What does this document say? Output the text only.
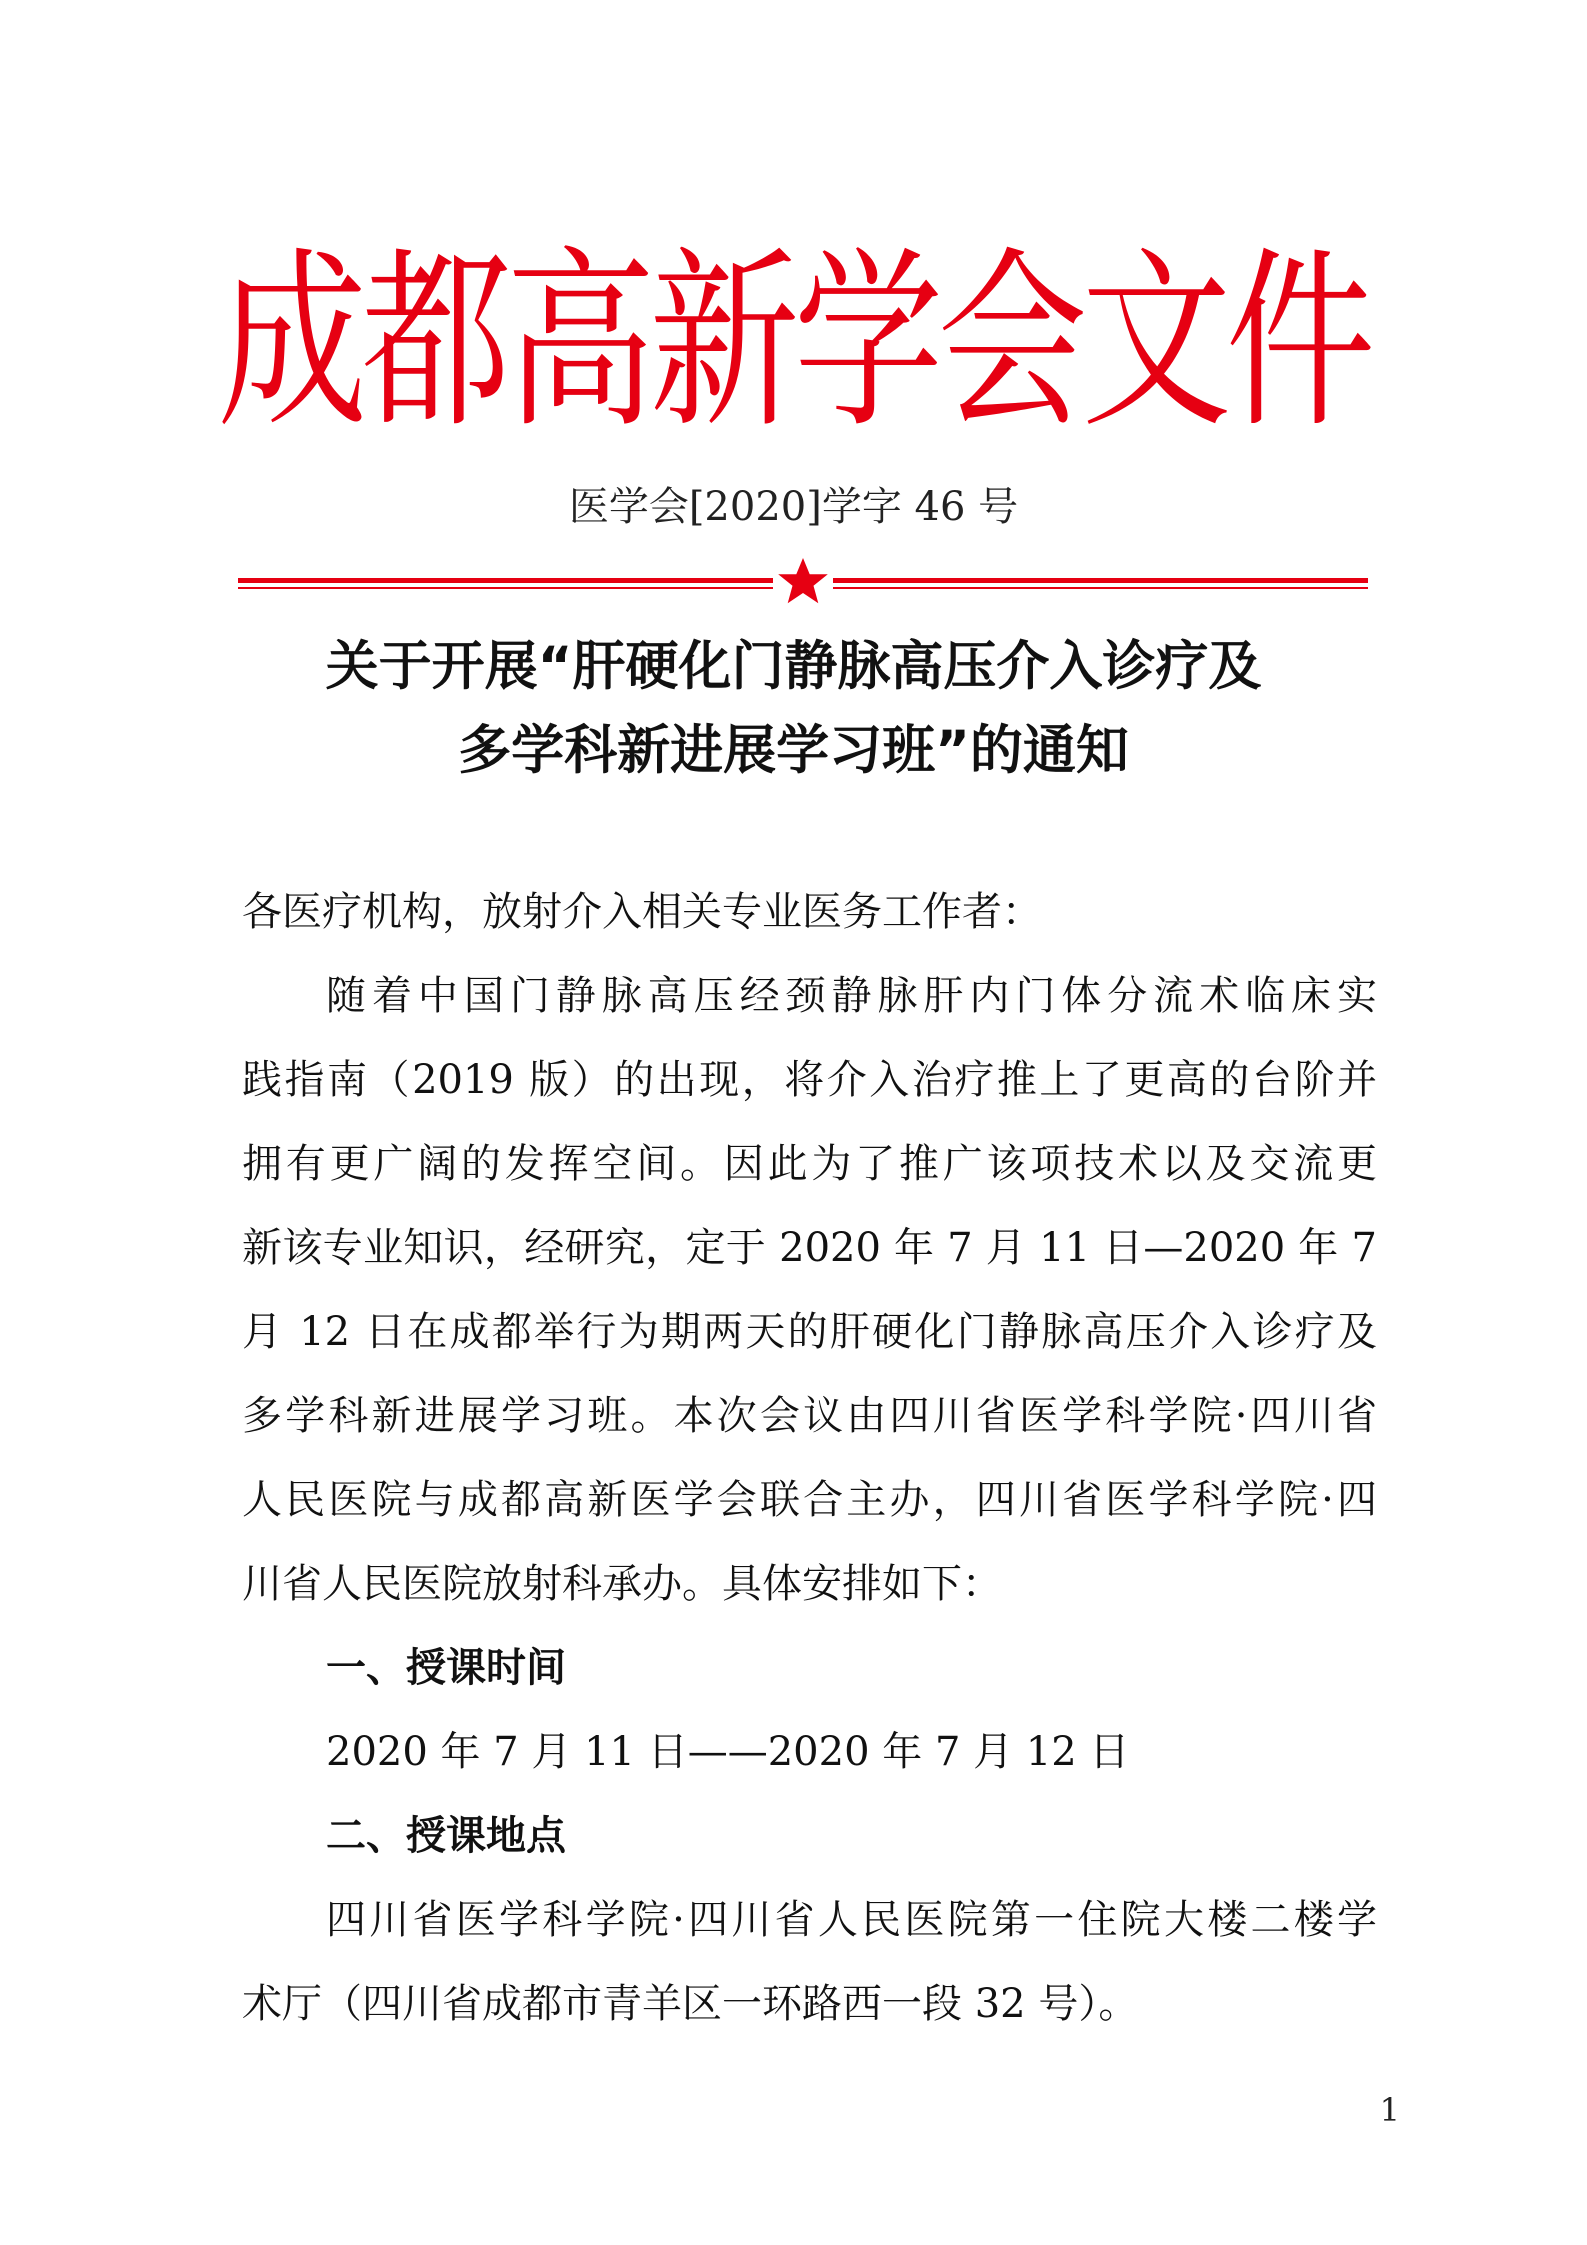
成都高新学会文件
医学会[2020]学字 46 号
关于开展“肝硬化门静脉高压介入诊疗及
多学科新进展学习班”的通知
各医疗机构，放射介入相关专业医务工作者：
随着中国门静脉高压经颈静脉肝内门体分流术临床实
践指南（2019 版）的出现，将介入治疗推上了更高的台阶并
拥有更广阔的发挥空间。因此为了推广该项技术以及交流更
新该专业知识，经研究，定于 2020 年 7 月 11 日—2020 年 7
月 12 日在成都举行为期两天的肝硬化门静脉高压介入诊疗及
多学科新进展学习班。本次会议由四川省医学科学院·四川省
人民医院与成都高新医学会联合主办，四川省医学科学院·四
川省人民医院放射科承办。具体安排如下：
一、授课时间
2020 年 7 月 11 日——2020 年 7 月 12 日
二、授课地点
四川省医学科学院·四川省人民医院第一住院大楼二楼学
术厅（四川省成都市青羊区一环路西一段 32 号）。
1
